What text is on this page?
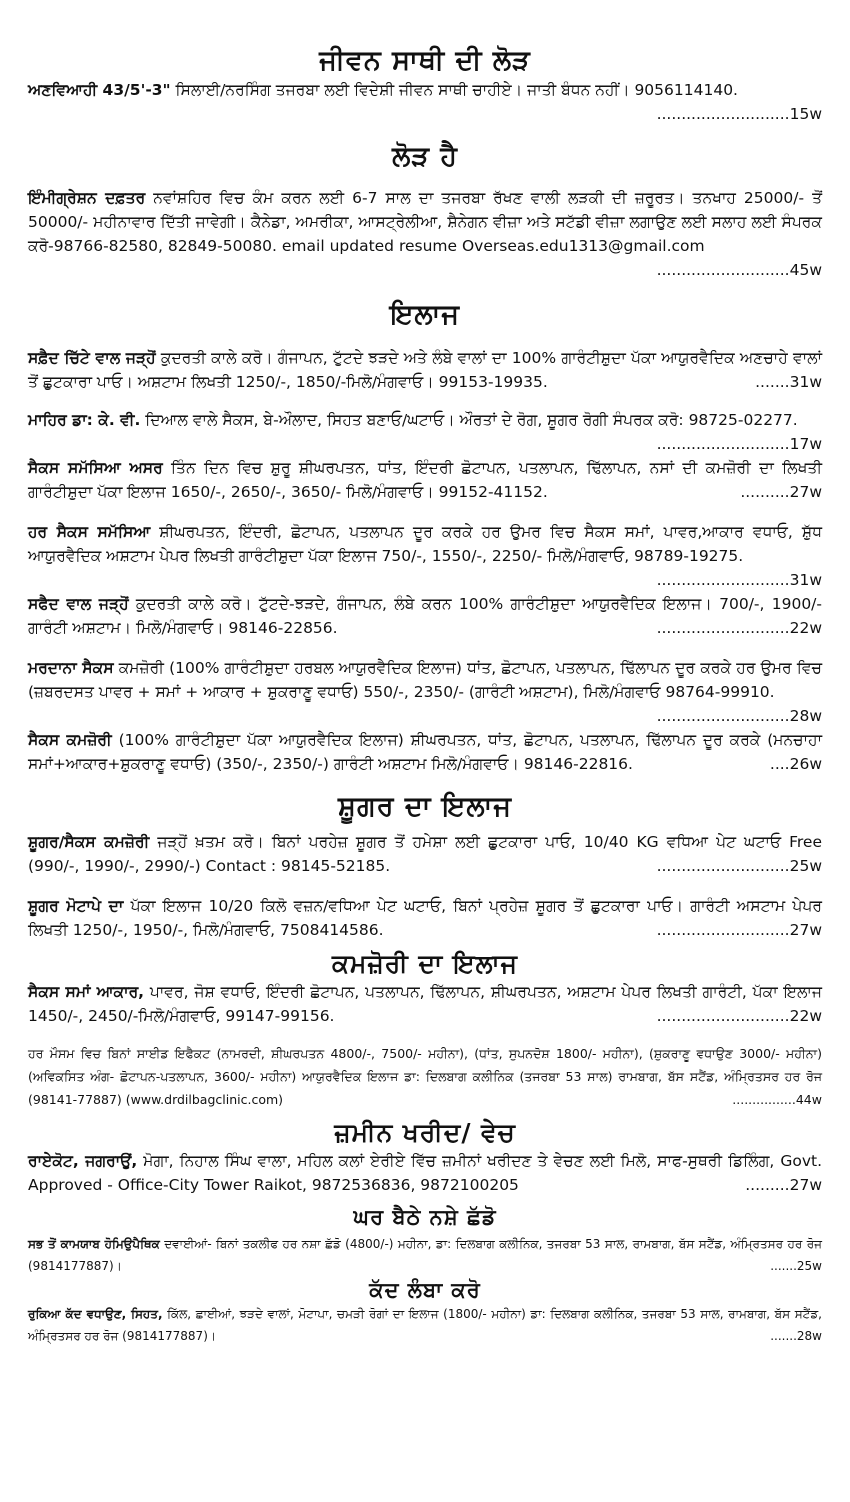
ਜੀਵਨ ਸਾਥੀ ਦੀ ਲੋੜ

ਅਣਵਿਆਹੀ 43/5'-3" ਸਿਲਾਈ/ਨਰਸਿੰਗ ਤਜਰਬਾ ਲਈ ਵਿਦੇਸ਼ੀ ਜੀਵਨ ਸਾਥੀ ਚਾਹੀਏ। ਜਾਤੀ ਬੰਧਨ ਨਹੀਂ। 9056114140.
...........................15w

ਲੋੜ ਹੈ

ਇੰਮੀਗ੍ਰੇਸ਼ਨ ਦਫ਼ਤਰ ਨਵਾਂਸ਼ਹਿਰ ਵਿਚ ਕੰਮ ਕਰਨ ਲਈ 6-7 ਸਾਲ ਦਾ ਤਜਰਬਾ ਰੱਖਣ ਵਾਲੀ ਲੜਕੀ ਦੀ ਜ਼ਰੂਰਤ। ਤਨਖਾਹ 25000/- ਤੋਂ 50000/- ਮਹੀਨਾਵਾਰ ਦਿੱਤੀ ਜਾਵੇਗੀ। ਕੈਨੇਡਾ, ਅਮਰੀਕਾ, ਆਸਟ੍ਰੇਲੀਆ, ਸ਼ੈਨੇਗਨ ਵੀਜ਼ਾ ਅਤੇ ਸਟੱਡੀ ਵੀਜ਼ਾ ਲਗਾਉਣ ਲਈ ਸਲਾਹ ਲਈ ਸੰਪਰਕ ਕਰੋ-98766-82580, 82849-50080. email updated resume Overseas.edu1313@gmail.com
...........................45w

ਇਲਾਜ

ਸਫ਼ੈਦ ਚਿੱਟੇ ਵਾਲ ਜੜ੍ਹੋਂ ਕੁਦਰਤੀ ਕਾਲੇ ਕਰੋ। ਗੰਜਾਪਨ, ਟੁੱਟਦੇ ਝੜਦੇ ਅਤੇ ਲੰਬੇ ਵਾਲਾਂ ਦਾ 100% ਗਾਰੰਟੀਸ਼ੁਦਾ ਪੱਕਾ ਆਯੁਰਵੈਦਿਕ ਅਣਚਾਹੇ ਵਾਲਾਂ ਤੋਂ ਛੁਟਕਾਰਾ ਪਾਓ। ਅਸ਼ਟਾਮ ਲਿਖਤੀ 1250/-, 1850/-ਮਿਲੋ/ਮੰਗਵਾਓ। 99153-19935.	.......31w

ਮਾਹਿਰ ਡਾ: ਕੇ. ਵੀ. ਦਿਆਲ ਵਾਲੇ ਸੈਕਸ, ਬੇ-ਔਲਾਦ, ਸਿਹਤ ਬਣਾਓ/ਘਟਾਓ। ਔਰਤਾਂ ਦੇ ਰੋਗ, ਸ਼ੂਗਰ ਰੋਗੀ ਸੰਪਰਕ ਕਰੋ: 98725-02277.
...........................17w

ਸੈਕਸ ਸਮੱਸਿਆ ਅਸਰ ਤਿੰਨ ਦਿਨ ਵਿਚ ਸ਼ੁਰੂ ਸ਼ੀਘਰਪਤਨ, ਧਾਂਤ, ਇੰਦਰੀ ਛੋਟਾਪਨ, ਪਤਲਾਪਨ, ਢਿੱਲਾਪਨ, ਨਸਾਂ ਦੀ ਕਮਜ਼ੋਰੀ ਦਾ ਲਿਖਤੀ ਗਾਰੰਟੀਸ਼ੁਦਾ ਪੱਕਾ ਇਲਾਜ 1650/-, 2650/-, 3650/- ਮਿਲੋ/ਮੰਗਵਾਓ। 99152-41152.	..........27w

ਹਰ ਸੈਕਸ ਸਮੱਸਿਆ ਸ਼ੀਘਰਪਤਨ, ਇੰਦਰੀ, ਛੋਟਾਪਨ, ਪਤਲਾਪਨ ਦੂਰ ਕਰਕੇ ਹਰ ਉਮਰ ਵਿਚ ਸੈਕਸ ਸਮਾਂ, ਪਾਵਰ,ਆਕਾਰ ਵਧਾਓ, ਸ਼ੁੱਧ ਆਯੁਰਵੈਦਿਕ ਅਸ਼ਟਾਮ ਪੇਪਰ ਲਿਖਤੀ ਗਾਰੰਟੀਸ਼ੁਦਾ ਪੱਕਾ ਇਲਾਜ 750/-, 1550/-, 2250/- ਮਿਲੋ/ਮੰਗਵਾਓ, 98789-19275.
...........................31w

ਸਫੈਦ ਵਾਲ ਜੜ੍ਹੋਂ ਕੁਦਰਤੀ ਕਾਲੇ ਕਰੋ। ਟੁੱਟਦੇ-ਝੜਦੇ, ਗੰਜਾਪਨ, ਲੰਬੇ ਕਰਨ 100% ਗਾਰੰਟੀਸ਼ੁਦਾ ਆਯੁਰਵੈਦਿਕ ਇਲਾਜ। 700/-, 1900/- ਗਾਰੰਟੀ ਅਸ਼ਟਾਮ। ਮਿਲੋ/ਮੰਗਵਾਓ। 98146-22856.	...........................22w

ਮਰਦਾਨਾ ਸੈਕਸ ਕਮਜ਼ੋਰੀ (100% ਗਾਰੰਟੀਸ਼ੁਦਾ ਹਰਬਲ ਆਯੁਰਵੈਦਿਕ ਇਲਾਜ) ਧਾਂਤ, ਛੋਟਾਪਨ, ਪਤਲਾਪਨ, ਢਿੱਲਾਪਨ ਦੂਰ ਕਰਕੇ ਹਰ ਉਮਰ ਵਿਚ (ਜ਼ਬਰਦਸਤ ਪਾਵਰ + ਸਮਾਂ + ਆਕਾਰ + ਸ਼ੁਕਰਾਣੂ ਵਧਾਓ) 550/-, 2350/- (ਗਾਰੰਟੀ ਅਸ਼ਟਾਮ), ਮਿਲੋ/ਮੰਗਵਾਓ 98764-99910.
...........................28w

ਸੈਕਸ ਕਮਜ਼ੋਰੀ (100% ਗਾਰੰਟੀਸ਼ੁਦਾ ਪੱਕਾ ਆਯੁਰਵੈਦਿਕ ਇਲਾਜ) ਸ਼ੀਘਰਪਤਨ, ਧਾਂਤ, ਛੋਟਾਪਨ, ਪਤਲਾਪਨ, ਢਿੱਲਾਪਨ ਦੂਰ ਕਰਕੇ (ਮਨਚਾਹਾ ਸਮਾਂ+ਆਕਾਰ+ਸ਼ੁਕਰਾਣੂ ਵਧਾਓ) (350/-, 2350/-) ਗਾਰੰਟੀ ਅਸ਼ਟਾਮ ਮਿਲੋ/ਮੰਗਵਾਓ। 98146-22816.	....26w

ਸ਼ੂਗਰ ਦਾ ਇਲਾਜ

ਸ਼ੂਗਰ/ਸੈਕਸ ਕਮਜ਼ੋਰੀ ਜੜ੍ਹੋਂ ਖ਼ਤਮ ਕਰੋ। ਬਿਨਾਂ ਪਰਹੇਜ਼ ਸ਼ੂਗਰ ਤੋਂ ਹਮੇਸ਼ਾ ਲਈ ਛੁਟਕਾਰਾ ਪਾਓ, 10/40 KG ਵਧਿਆ ਪੇਟ ਘਟਾਓ Free (990/-, 1990/-, 2990/-) Contact : 98145-52185.	...........................25w

ਸ਼ੂਗਰ ਮੋਟਾਪੇ ਦਾ ਪੱਕਾ ਇਲਾਜ 10/20 ਕਿਲੋ ਵਜ਼ਨ/ਵਧਿਆ ਪੇਟ ਘਟਾਓ, ਬਿਨਾਂ ਪ੍ਰਹੇਜ਼ ਸ਼ੂਗਰ ਤੋਂ ਛੁਟਕਾਰਾ ਪਾਓ। ਗਾਰੰਟੀ ਅਸਟਾਮ ਪੇਪਰ ਲਿਖਤੀ 1250/-, 1950/-, ਮਿਲੋ/ਮੰਗਵਾਓ, 7508414586.	...........................27w

ਕਮਜ਼ੋਰੀ ਦਾ ਇਲਾਜ

ਸੈਕਸ ਸਮਾਂ ਆਕਾਰ, ਪਾਵਰ, ਜੋਸ਼ ਵਧਾਓ, ਇੰਦਰੀ ਛੋਟਾਪਨ, ਪਤਲਾਪਨ, ਢਿੱਲਾਪਨ, ਸ਼ੀਘਰਪਤਨ, ਅਸ਼ਟਾਮ ਪੇਪਰ ਲਿਖਤੀ ਗਾਰੰਟੀ, ਪੱਕਾ ਇਲਾਜ 1450/-, 2450/-ਮਿਲੋ/ਮੰਗਵਾਓ, 99147-99156.	...........................22w

ਹਰ ਮੌਸਮ ਵਿਚ ਬਿਨਾਂ ਸਾਈਡ ਇਫੈਕਟ (ਨਾਮਰਦੀ, ਸ਼ੀਘਰਪਤਨ 4800/-, 7500/- ਮਹੀਨਾ), (ਧਾਂਤ, ਸੁਪਨਦੋਸ਼ 1800/- ਮਹੀਨਾ), (ਸ਼ੁਕਰਾਣੂ ਵਧਾਉਣ 3000/- ਮਹੀਨਾ) (ਅਵਿਕਸਿਤ ਅੰਗ- ਛੋਟਾਪਨ-ਪਤਲਾਪਨ, 3600/- ਮਹੀਨਾ) ਆਯੁਰਵੈਦਿਕ ਇਲਾਜ ਡਾ: ਦਿਲਬਾਗ ਕਲੀਨਿਕ (ਤਜਰਬਾ 53 ਸਾਲ) ਰਾਮਬਾਗ, ਬੱਸ ਸਟੈਂਡ, ਅੰਮ੍ਰਿਤਸਰ ਹਰ ਰੋਜ (98141-77887) (www.drdilbagclinic.com)	................44w

ਜ਼ਮੀਨ ਖਰੀਦ/ ਵੇਚ

ਰਾਏਕੋਟ, ਜਗਰਾਉਂ, ਮੋਗਾ, ਨਿਹਾਲ ਸਿੰਘ ਵਾਲਾ, ਮਹਿਲ ਕਲਾਂ ਏਰੀਏ ਵਿੱਚ ਜ਼ਮੀਨਾਂ ਖਰੀਦਣ ਤੇ ਵੇਚਣ ਲਈ ਮਿਲੋ, ਸਾਫ-ਸੁਥਰੀ ਡਿਲਿੰਗ, Govt. Approved - Office-City Tower Raikot, 9872536836, 9872100205	.........27w

ਘਰ ਬੈਠੇ ਨਸ਼ੇ ਛੱਡੋ

ਸਭ ਤੋਂ ਕਾਮਯਾਬ ਹੋਮਿਉਪੈਥਿਕ ਦਵਾਈਆਂ- ਬਿਨਾਂ ਤਕਲੀਫ ਹਰ ਨਸ਼ਾ ਛੱਡੋ (4800/-) ਮਹੀਨਾ, ਡਾ: ਦਿਲਬਾਗ ਕਲੀਨਿਕ, ਤਜਰਬਾ 53 ਸਾਲ, ਰਾਮਬਾਗ, ਬੱਸ ਸਟੈਂਡ, ਅੰਮ੍ਰਿਤਸਰ ਹਰ ਰੋਜ (9814177887)।	.......25w

ਕੱਦ ਲੰਬਾ ਕਰੋ

ਰੁਕਿਆ ਕੱਦ ਵਧਾਉਣ, ਸਿਹਤ, ਕਿੱਲ, ਛਾਈਆਂ, ਝੜਦੇ ਵਾਲਾਂ, ਮੋਟਾਪਾ, ਚਮੜੀ ਰੋਗਾਂ ਦਾ ਇਲਾਜ (1800/- ਮਹੀਨਾ) ਡਾ: ਦਿਲਬਾਗ ਕਲੀਨਿਕ, ਤਜਰਬਾ 53 ਸਾਲ, ਰਾਮਬਾਗ, ਬੱਸ ਸਟੈਂਡ, ਅੰਮ੍ਰਿਤਸਰ ਹਰ ਰੋਜ (9814177887)।	.......28w
